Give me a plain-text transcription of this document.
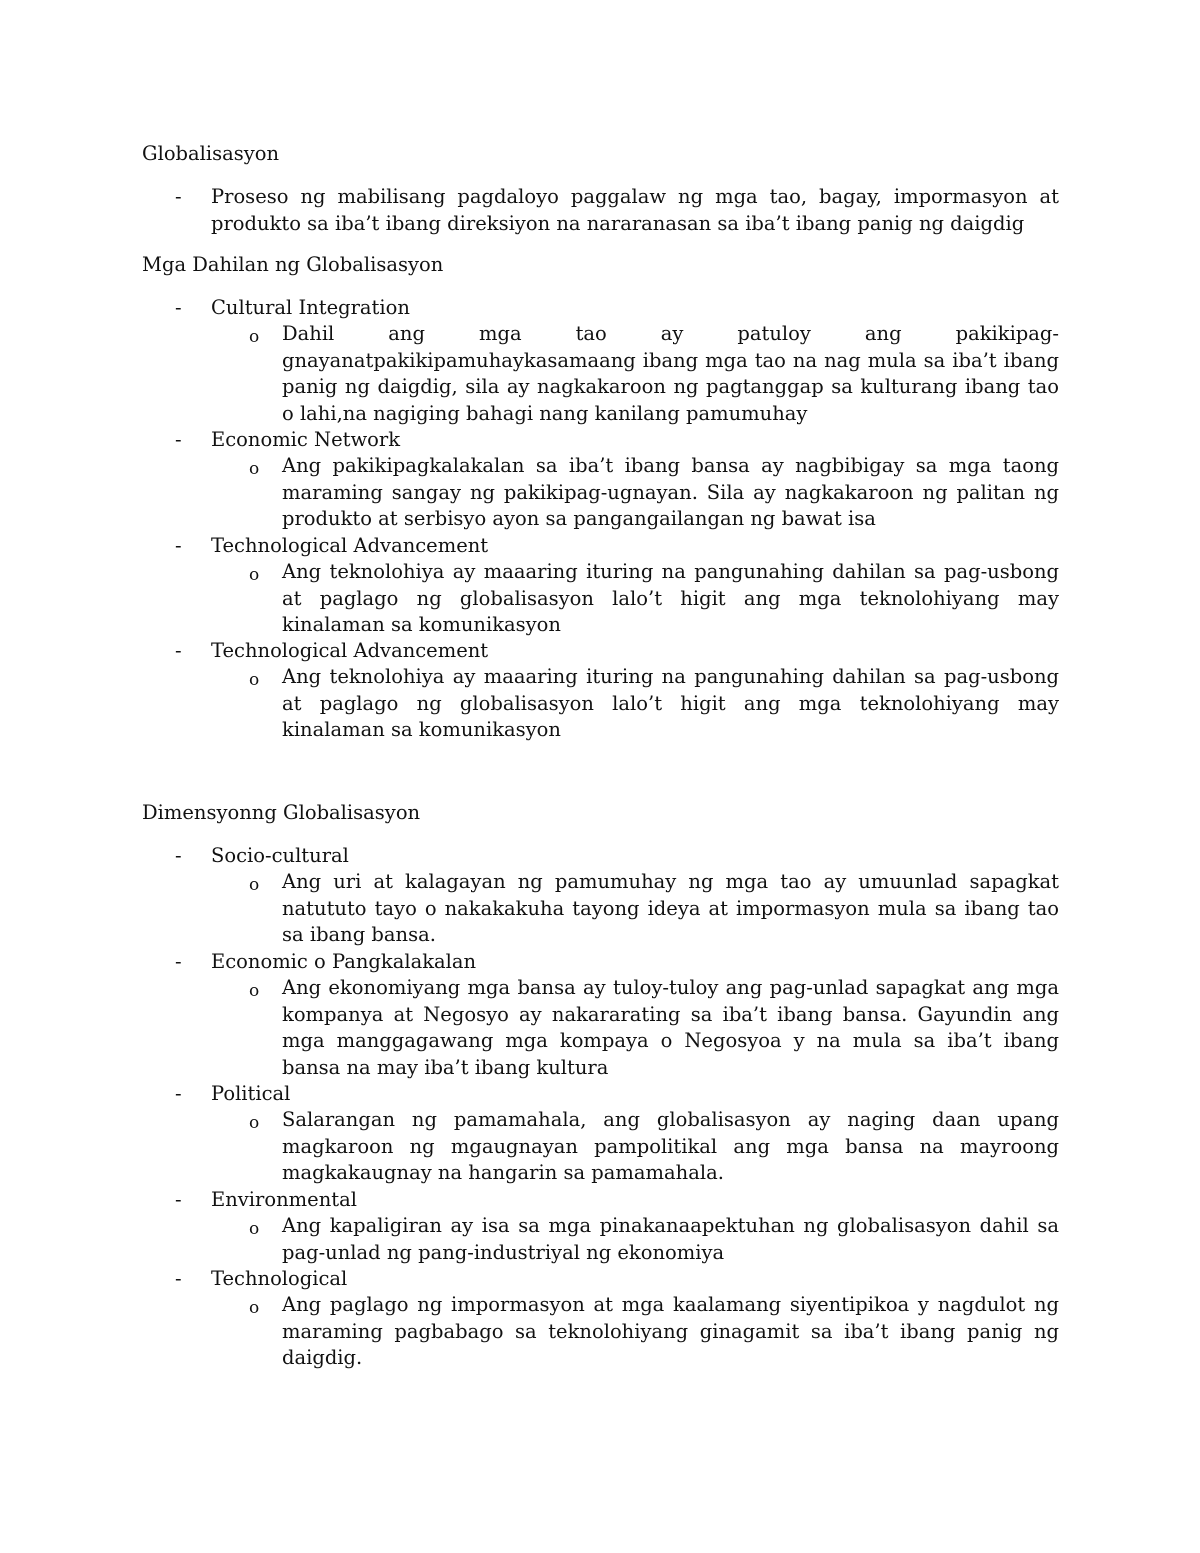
Globalisasyon
-	Proseso ng mabilisang pagdaloyo paggalaw ng mga tao, bagay, impormasyon at produkto sa iba’t ibang direksiyon na nararanasan sa iba’t ibang panig ng daigdig
Mga Dahilan ng Globalisasyon
-	Cultural Integration
o	Dahil ang mga tao ay patuloy ang pakikipag-gnayanatpakikipamuhaykasamaang ibang mga tao na nag mula sa iba’t ibang panig ng daigdig, sila ay nagkakaroon ng pagtanggap sa kulturang ibang tao o lahi,na nagiging bahagi nang kanilang pamumuhay
-	Economic Network
o	Ang pakikipagkalakalan sa iba’t ibang bansa ay nagbibigay sa mga taong maraming sangay ng pakikipag-ugnayan. Sila ay nagkakaroon ng palitan ng produkto at serbisyo ayon sa pangangailangan ng bawat isa
-	Technological Advancement
o	Ang teknolohiya ay maaaring ituring na pangunahing dahilan sa pag-usbong at paglago ng globalisasyon lalo’t higit ang mga teknolohiyang may kinalaman sa komunikasyon
-	Technological Advancement
o	Ang teknolohiya ay maaaring ituring na pangunahing dahilan sa pag-usbong at paglago ng globalisasyon lalo’t higit ang mga teknolohiyang may kinalaman sa komunikasyon
Dimensyonng Globalisasyon
-	Socio-cultural
o	Ang uri at kalagayan ng pamumuhay ng mga tao ay umuunlad sapagkat natututo tayo o nakakakuha tayong ideya at impormasyon mula sa ibang tao sa ibang bansa.
-	Economic o Pangkalakalan
o	Ang ekonomiyang mga bansa ay tuloy-tuloy ang pag-unlad sapagkat ang mga kompanya at Negosyo ay nakararating sa iba’t ibang bansa. Gayundin ang mga manggagawang mga kompaya o Negosyoa y na mula sa iba’t ibang bansa na may iba’t ibang kultura
-	Political
o	Salarangan ng pamamahala, ang globalisasyon ay naging daan upang magkaroon ng mgaugnayan pampolitikal ang mga bansa na mayroong magkakaugnay na hangarin sa pamamahala.
-	Environmental
o	Ang kapaligiran ay isa sa mga pinakanaapektuhan ng globalisasyon dahil sa pag-unlad ng pang-industriyal ng ekonomiya
-	Technological
o	Ang paglago ng impormasyon at mga kaalamang siyentipikoa y nagdulot ng maraming pagbabago sa teknolohiyang ginagamit sa iba’t ibang panig ng daigdig.
